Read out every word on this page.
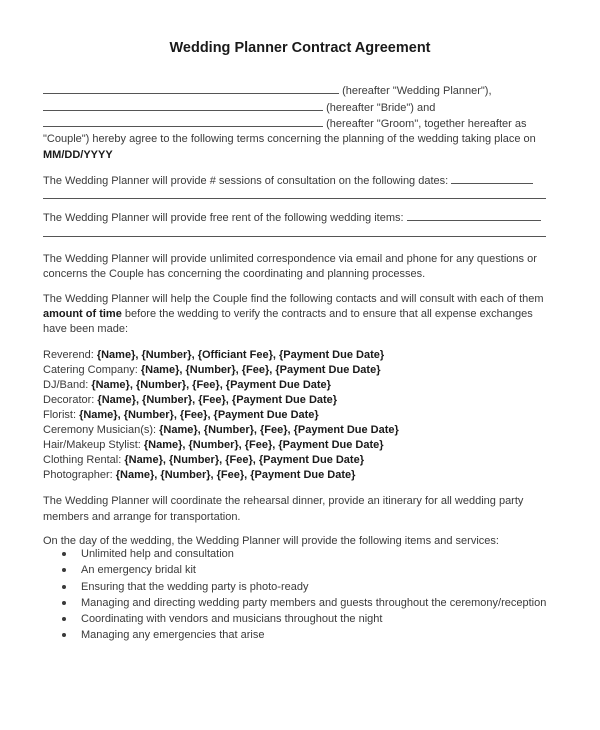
Wedding Planner Contract Agreement
(hereafter "Wedding Planner"),
(hereafter "Bride") and
(hereafter "Groom", together hereafter as
"Couple") hereby agree to the following terms concerning the planning of the wedding taking place on
MM/DD/YYYY
The Wedding Planner will provide # sessions of consultation on the following dates:
The Wedding Planner will provide free rent of the following wedding items:
The Wedding Planner will provide unlimited correspondence via email and phone for any questions or
concerns the Couple has concerning the coordinating and planning processes.
The Wedding Planner will help the Couple find the following contacts and will consult with each of them
amount of time before the wedding to verify the contracts and to ensure that all expense exchanges
have been made:
Reverend: {Name}, {Number}, {Officiant Fee}, {Payment Due Date}
Catering Company: {Name}, {Number}, {Fee}, {Payment Due Date}
DJ/Band: {Name}, {Number}, {Fee}, {Payment Due Date}
Decorator: {Name}, {Number}, {Fee}, {Payment Due Date}
Florist: {Name}, {Number}, {Fee}, {Payment Due Date}
Ceremony Musician(s): {Name}, {Number}, {Fee}, {Payment Due Date}
Hair/Makeup Stylist: {Name}, {Number}, {Fee}, {Payment Due Date}
Clothing Rental: {Name}, {Number}, {Fee}, {Payment Due Date}
Photographer: {Name}, {Number}, {Fee}, {Payment Due Date}
The Wedding Planner will coordinate the rehearsal dinner, provide an itinerary for all wedding party
members and arrange for transportation.
On the day of the wedding, the Wedding Planner will provide the following items and services:
Unlimited help and consultation
An emergency bridal kit
Ensuring that the wedding party is photo-ready
Managing and directing wedding party members and guests throughout the ceremony/reception
Coordinating with vendors and musicians throughout the night
Managing any emergencies that arise
